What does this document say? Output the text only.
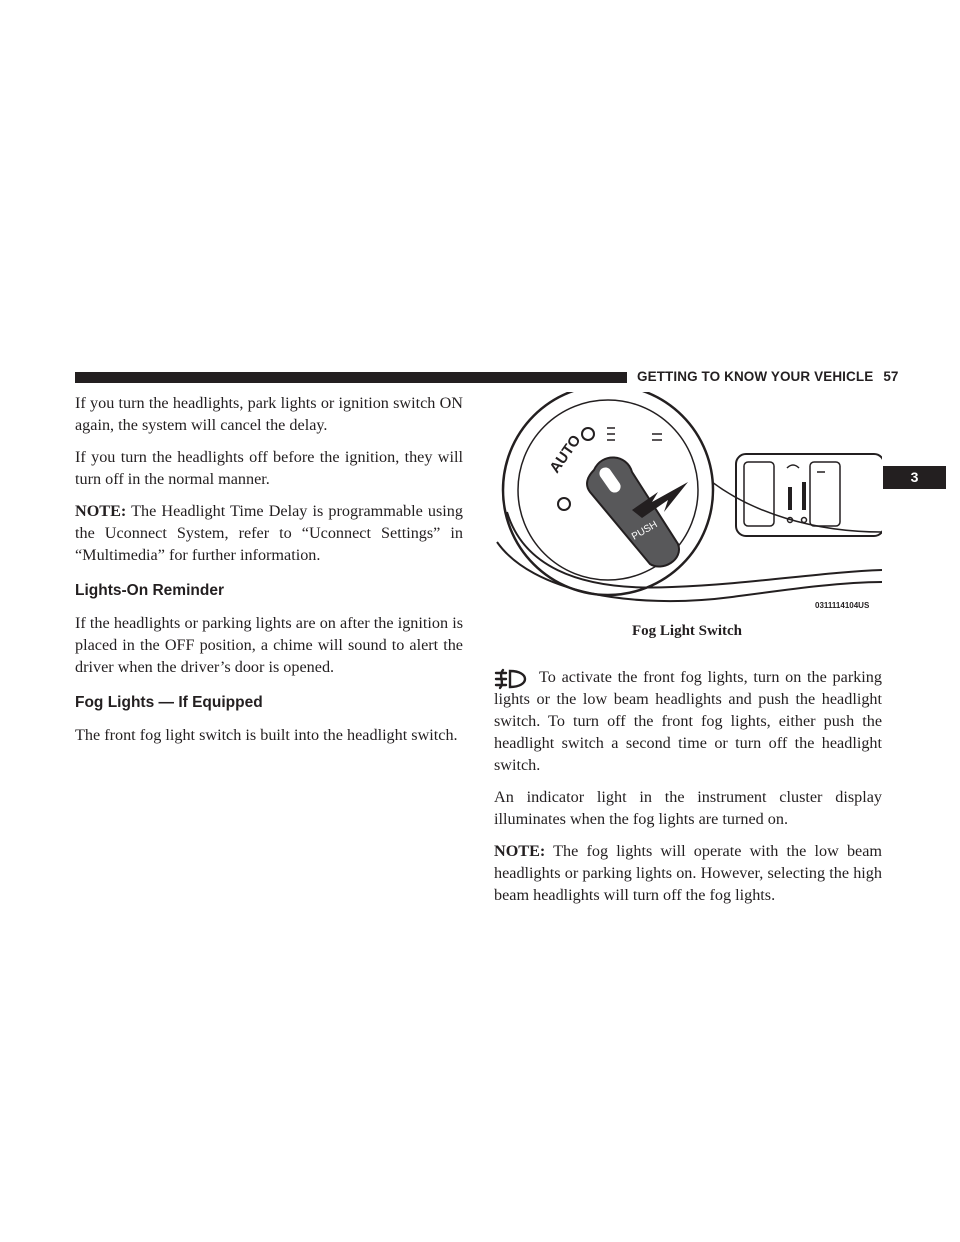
GETTING TO KNOW YOUR VEHICLE 57
3

If you turn the headlights, park lights or ignition switch ON again, the system will cancel the delay.

If you turn the headlights off before the ignition, they will turn off in the normal manner.

NOTE: The Headlight Time Delay is programmable using the Uconnect System, refer to “Uconnect Settings” in “Multimedia” for further information.

Lights-On Reminder

If the headlights or parking lights are on after the ignition is placed in the OFF position, a chime will sound to alert the driver when the driver’s door is opened.

Fog Lights — If Equipped

The front fog light switch is built into the headlight switch.

AUTO
PUSH
0311114104US
Fog Light Switch

To activate the front fog lights, turn on the parking lights or the low beam headlights and push the headlight switch. To turn off the front fog lights, either push the headlight switch a second time or turn off the headlight switch.

An indicator light in the instrument cluster display illuminates when the fog lights are turned on.

NOTE: The fog lights will operate with the low beam headlights or parking lights on. However, selecting the high beam headlights will turn off the fog lights.
